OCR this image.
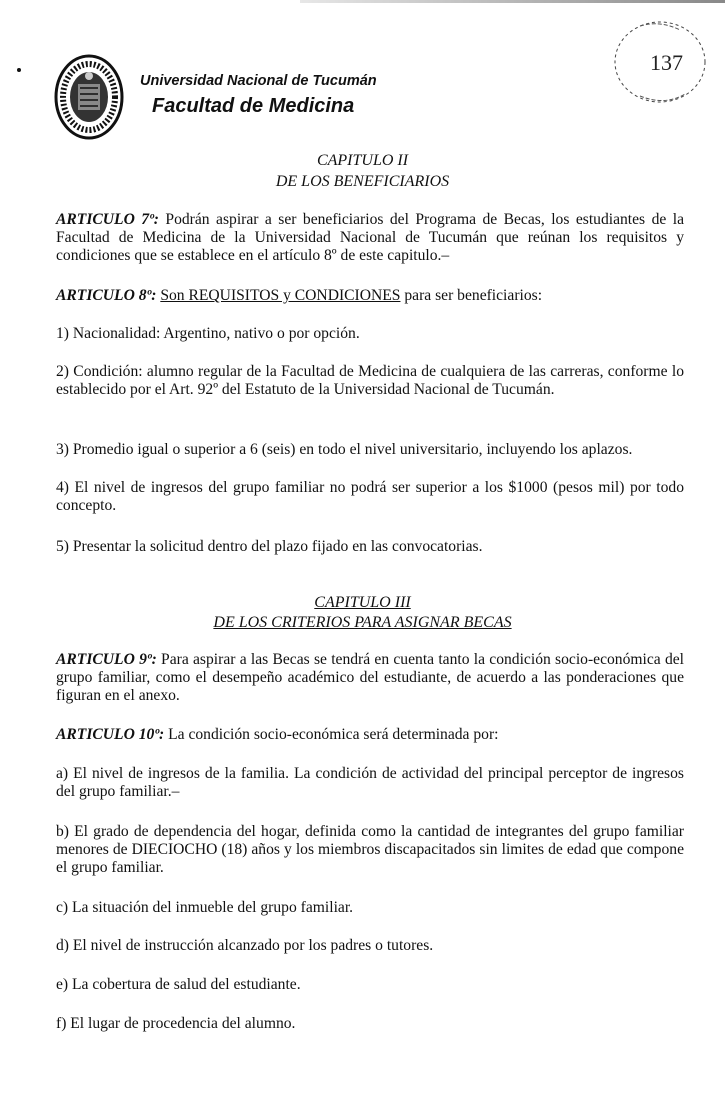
Universidad Nacional de Tucumán
Facultad de Medicina
137
CAPITULO II
DE LOS BENEFICIARIOS
ARTICULO 7º: Podrán aspirar a ser beneficiarios del Programa de Becas, los estudiantes de la Facultad de Medicina de la Universidad Nacional de Tucumán que reúnan los requisitos y condiciones que se establece en el artículo 8º de este capitulo.–
ARTICULO 8º: Son REQUISITOS y CONDICIONES para ser beneficiarios:
1) Nacionalidad: Argentino, nativo o por opción.
2) Condición: alumno regular de la Facultad de Medicina de cualquiera de las carreras, conforme lo establecido por el Art. 92º del Estatuto de la Universidad Nacional de Tucumán.
3) Promedio igual o superior a 6 (seis) en todo el nivel universitario, incluyendo los aplazos.
4) El nivel de ingresos del grupo familiar no podrá ser superior a los $1000 (pesos mil) por todo concepto.
5) Presentar la solicitud dentro del plazo fijado en las convocatorias.
CAPITULO III
DE LOS CRITERIOS PARA ASIGNAR BECAS
ARTICULO 9º: Para aspirar a las Becas se tendrá en cuenta tanto la condición socio-económica del grupo familiar, como el desempeño académico del estudiante, de acuerdo a las ponderaciones que figuran en el anexo.
ARTICULO 10º: La condición socio-económica será determinada por:
a) El nivel de ingresos de la familia. La condición de actividad del principal perceptor de ingresos del grupo familiar.–
b) El grado de dependencia del hogar, definida como la cantidad de integrantes del grupo familiar menores de DIECIOCHO (18) años y los miembros discapacitados sin limites de edad que compone el grupo familiar.
c) La situación del inmueble del grupo familiar.
d) El nivel de instrucción alcanzado por los padres o tutores.
e) La cobertura de salud del estudiante.
f) El lugar de procedencia del alumno.
